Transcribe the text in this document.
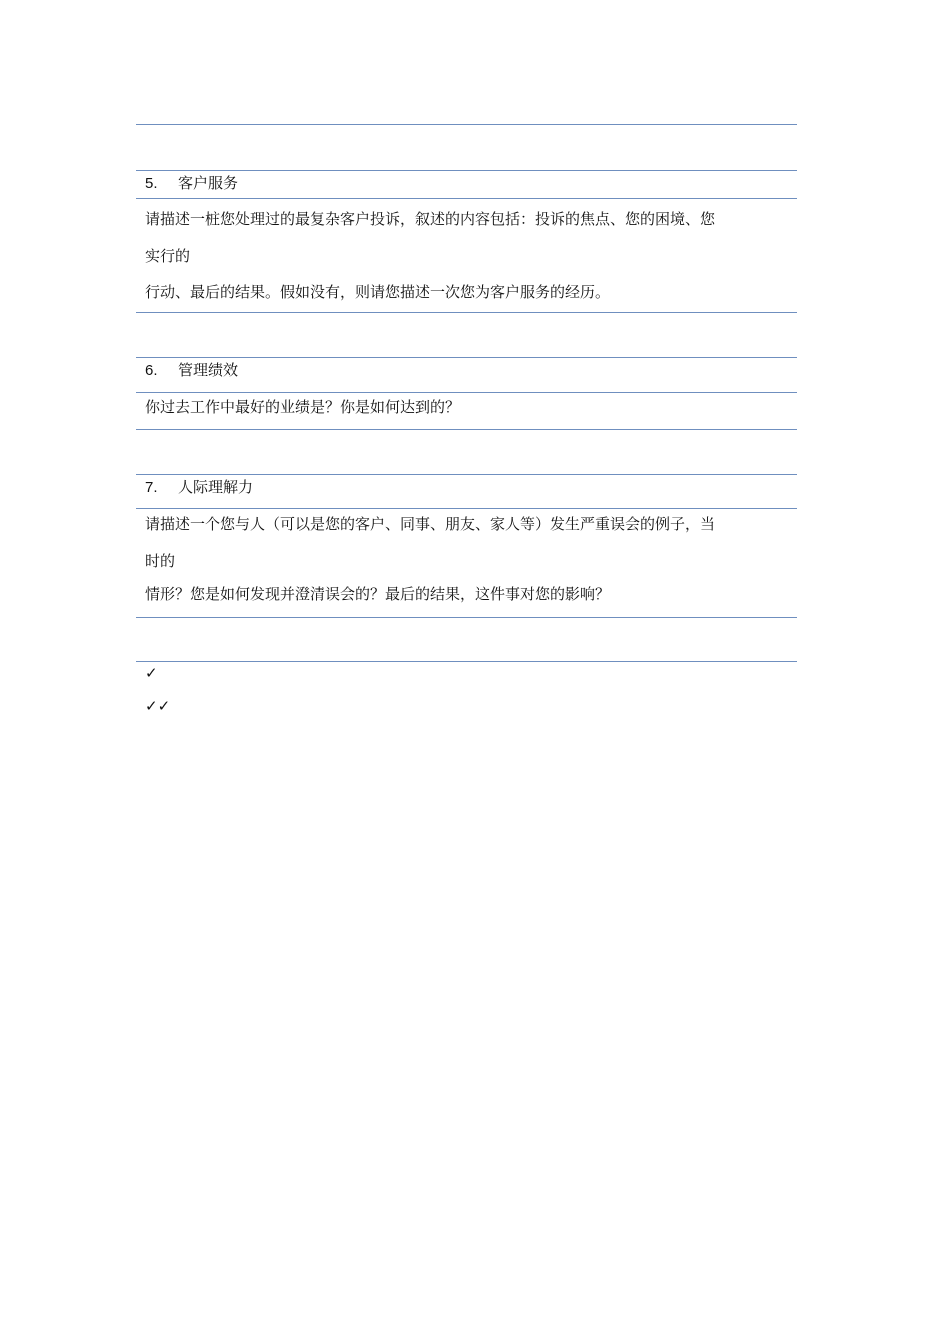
5. 客户服务
请描述一桩您处理过的最复杂客户投诉，叙述的内容包括：投诉的焦点、您的困境、您
实行的
行动、最后的结果。假如没有，则请您描述一次您为客户服务的经历。
6. 管理绩效
你过去工作中最好的业绩是？你是如何达到的？
7. 人际理解力
请描述一个您与人（可以是您的客户、同事、朋友、家人等）发生严重误会的例子，当
时的
情形？您是如何发现并澄清误会的？最后的结果，这件事对您的影响？
✓
✓✓
